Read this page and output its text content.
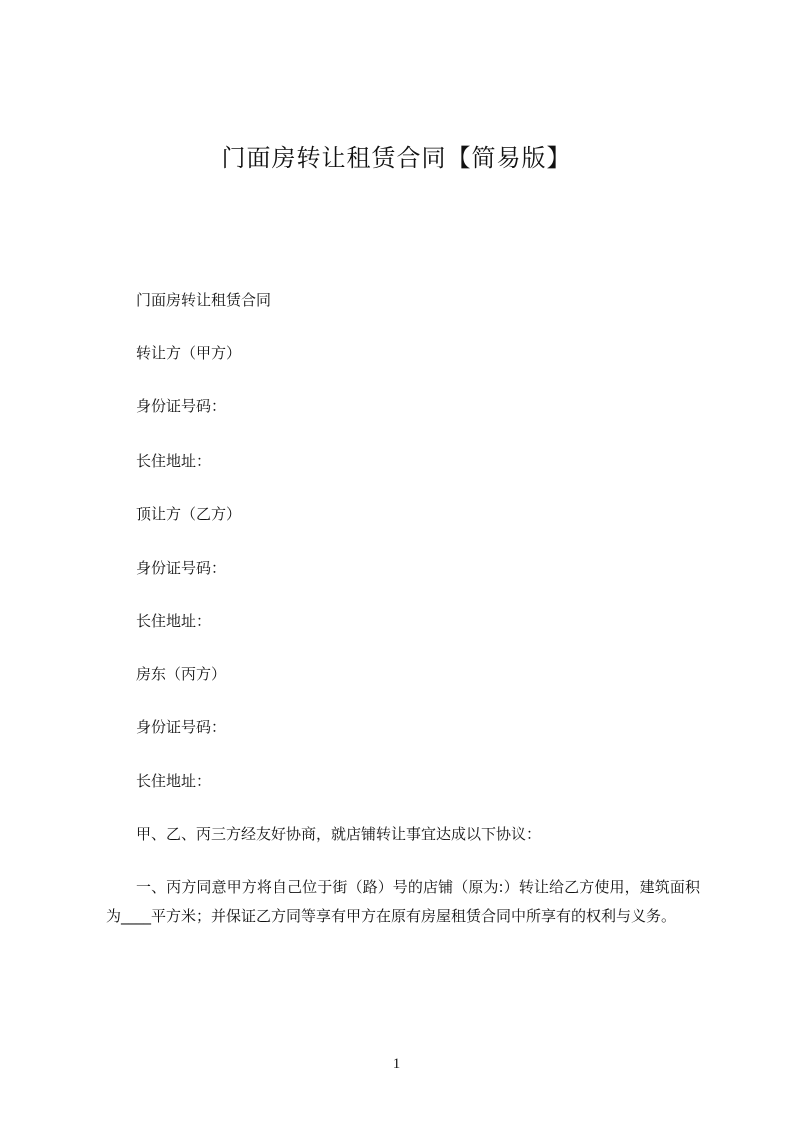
门面房转让租赁合同【简易版】

门面房转让租赁合同

转让方（甲方）

身份证号码：

长住地址：

顶让方（乙方）

身份证号码：

长住地址：

房东（丙方）

身份证号码：

长住地址：

甲、乙、丙三方经友好协商，就店铺转让事宜达成以下协议：

一、丙方同意甲方将自己位于街（路）号的店铺（原为:）转让给乙方使用，建筑面积为____平方米；并保证乙方同等享有甲方在原有房屋租赁合同中所享有的权利与义务。

1
